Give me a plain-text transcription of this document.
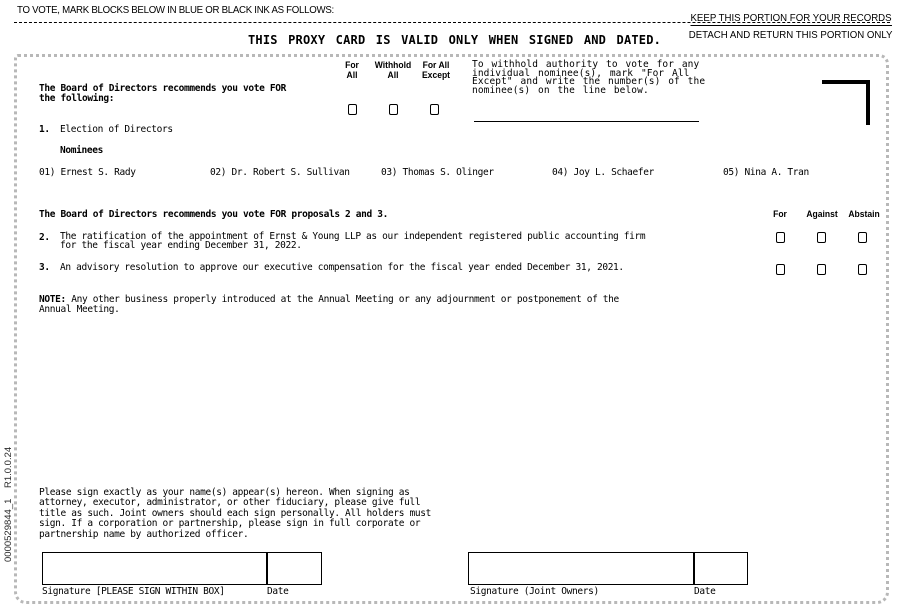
TO VOTE, MARK BLOCKS BELOW IN BLUE OR BLACK INK AS FOLLOWS:
KEEP THIS PORTION FOR YOUR RECORDS
DETACH AND RETURN THIS PORTION ONLY
THIS PROXY CARD IS VALID ONLY WHEN SIGNED AND DATED.
The Board of Directors recommends you vote FOR
the following:
For
All
Withhold
All
For All
Except
To withhold authority to vote for any
individual nominee(s), mark "For All
Except" and write the number(s) of the
nominee(s) on the line below.
1. Election of Directors
Nominees
01) Ernest S. Rady	02) Dr. Robert S. Sullivan	03) Thomas S. Olinger	04) Joy L. Schaefer	05) Nina A. Tran
The Board of Directors recommends you vote FOR proposals 2 and 3.	For	Against	Abstain
2. The ratification of the appointment of Ernst & Young LLP as our independent registered public accounting firm
for the fiscal year ending December 31, 2022.
3. An advisory resolution to approve our executive compensation for the fiscal year ended December 31, 2021.
NOTE: Any other business properly introduced at the Annual Meeting or any adjournment or postponement of the
Annual Meeting.
Please sign exactly as your name(s) appear(s) hereon. When signing as
attorney, executor, administrator, or other fiduciary, please give full
title as such. Joint owners should each sign personally. All holders must
sign. If a corporation or partnership, please sign in full corporate or
partnership name by authorized officer.
Signature [PLEASE SIGN WITHIN BOX]	Date	Signature (Joint Owners)	Date
0000529844_1    R1.0.0.24
